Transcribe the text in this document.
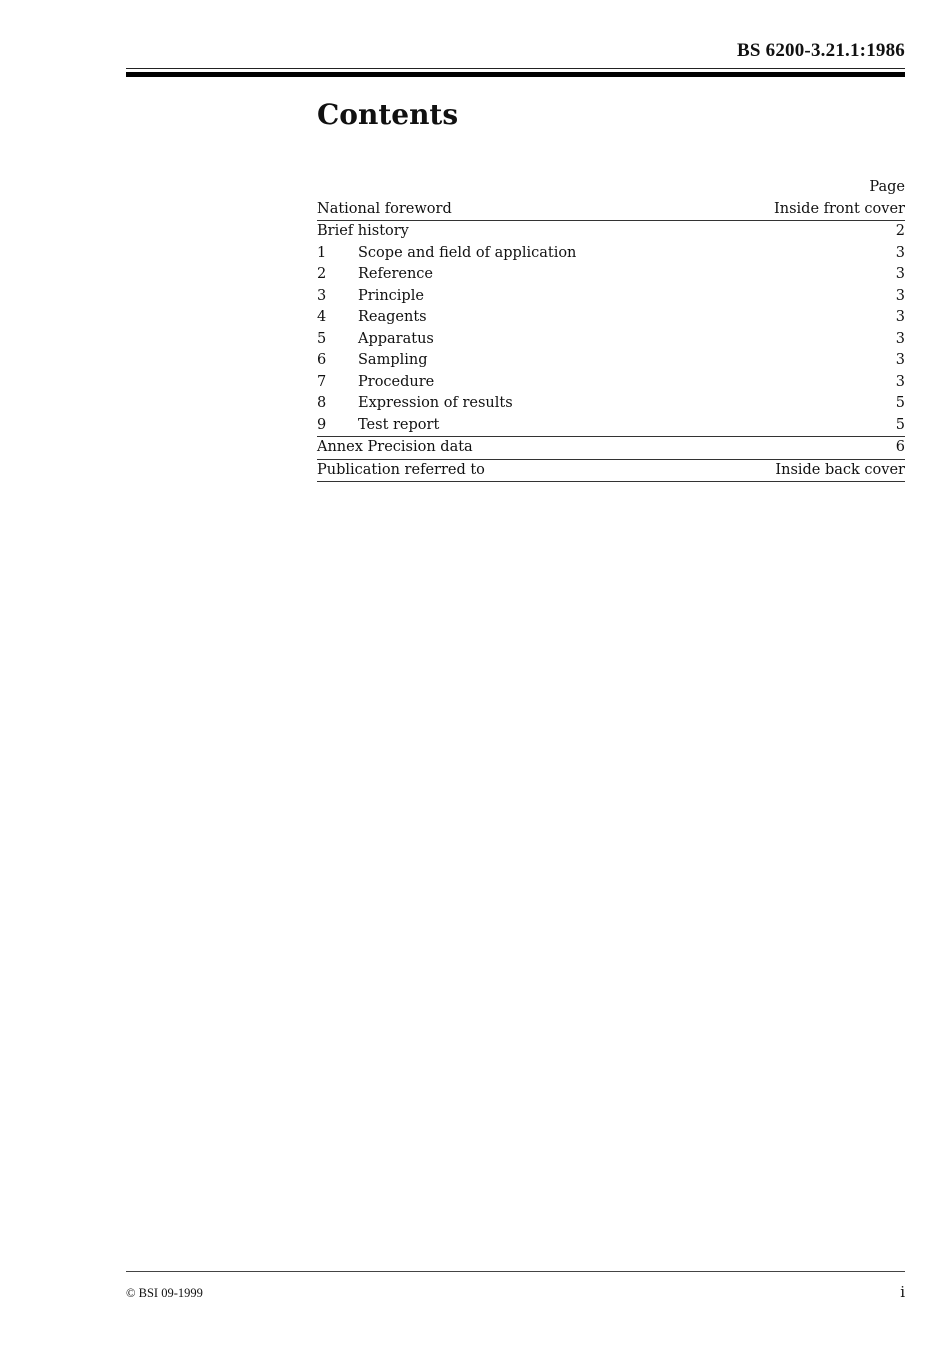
BS 6200-3.21.1:1986
Contents
Page
National foreword	Inside front cover
Brief history	2
1	Scope and field of application	3
2	Reference	3
3	Principle	3
4	Reagents	3
5	Apparatus	3
6	Sampling	3
7	Procedure	3
8	Expression of results	5
9	Test report	5
Annex Precision data	6
Publication referred to	Inside back cover
© BSI 09-1999	i
